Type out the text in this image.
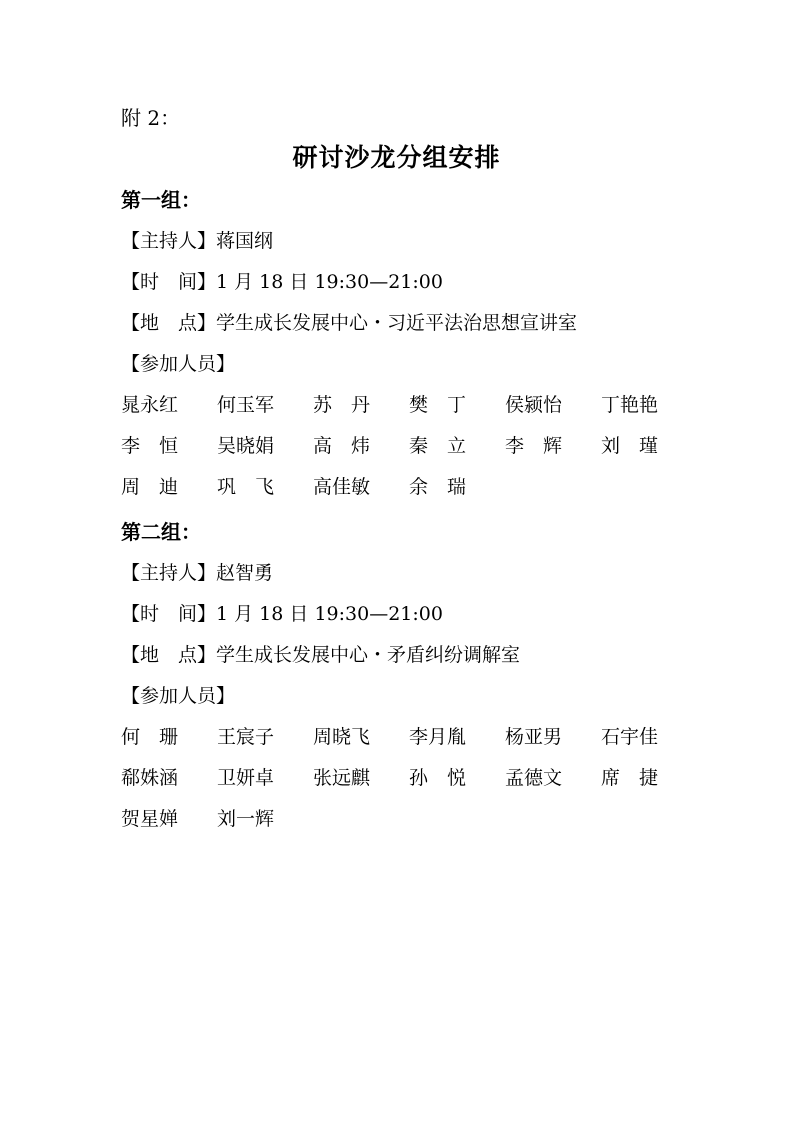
附 2：
研讨沙龙分组安排
第一组：
【主持人】蒋国纲
【时　间】1 月 18 日 19:30—21:00
【地　点】学生成长发展中心・习近平法治思想宣讲室
【参加人员】
晁永红	何玉军	苏　丹	樊　丁	侯颍怡	丁艳艳
李　恒	吴晓娟	高　炜	秦　立	李　辉	刘　瑾
周　迪	巩　飞	高佳敏	余　瑞
第二组：
【主持人】赵智勇
【时　间】1 月 18 日 19:30—21:00
【地　点】学生成长发展中心・矛盾纠纷调解室
【参加人员】
何　珊	王宸子	周晓飞	李月胤	杨亚男	石宇佳
郗姝涵	卫妍卓	张远麒	孙　悦	孟德文	席　捷
贺星婵	刘一辉
